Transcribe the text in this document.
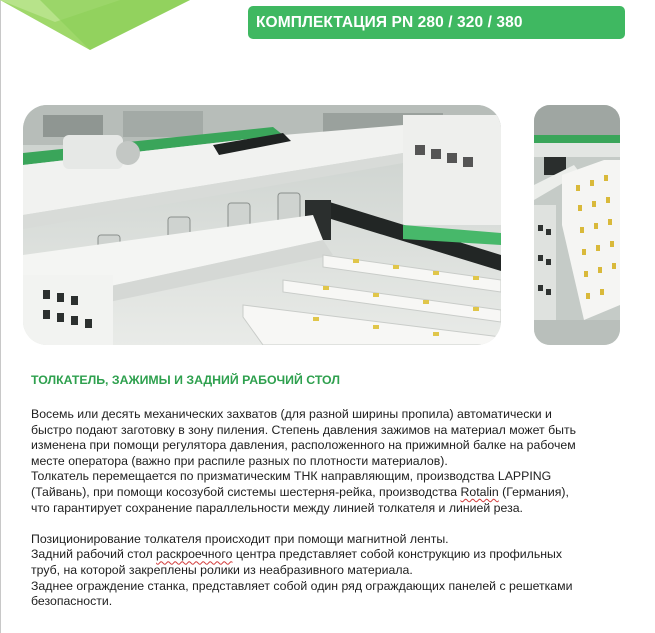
КОМПЛЕКТАЦИЯ PN 280 / 320 / 380
ТОЛКАТЕЛЬ, ЗАЖИМЫ И ЗАДНИЙ РАБОЧИЙ СТОЛ

Восемь или десять механических захватов (для разной ширины пропила) автоматически и

быстро подают заготовку в зону пиления. Степень давления зажимов на материал может быть

изменена при помощи регулятора давления, расположенного на прижимной балке на рабочем

месте оператора (важно при распиле разных по плотности материалов).

Толкатель перемещается по призматическим ТНК направляющим, производства LAPPING

(Тайвань), при помощи косозубой системы шестерня-рейка, производства Rotalin (Германия),

что гарантирует сохранение параллельности между линией толкателя и линией реза.

Позиционирование толкателя происходит при помощи магнитной ленты.

Задний рабочий стол раскроечного центра представляет собой конструкцию из профильных

труб, на которой закреплены ролики из неабразивного материала.

Заднее ограждение станка, представляет собой один ряд ограждающих панелей с решетками

безопасности.
